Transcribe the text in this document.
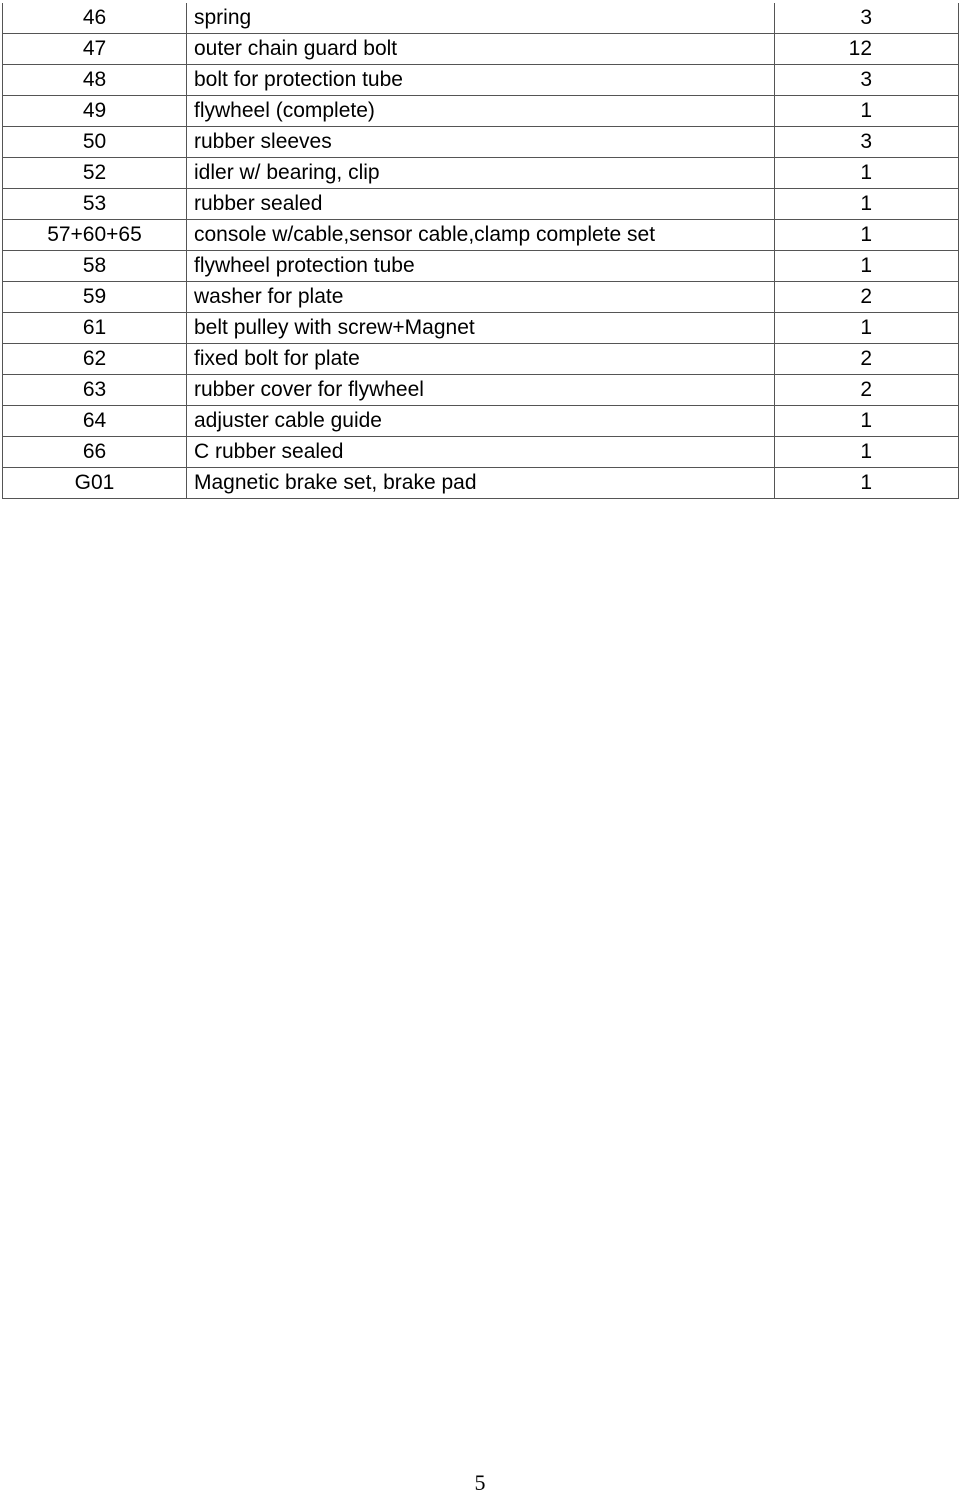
46	spring	3
47	outer chain guard bolt	12
48	bolt for protection tube	3
49	flywheel (complete)	1
50	rubber sleeves	3
52	idler w/ bearing, clip	1
53	rubber sealed	1
57+60+65	console w/cable,sensor cable,clamp complete set	1
58	flywheel protection tube	1
59	washer for plate	2
61	belt pulley with screw+Magnet	1
62	fixed bolt for plate	2
63	rubber cover for flywheel	2
64	adjuster cable guide	1
66	C rubber sealed	1
G01	Magnetic brake set, brake pad	1
5
